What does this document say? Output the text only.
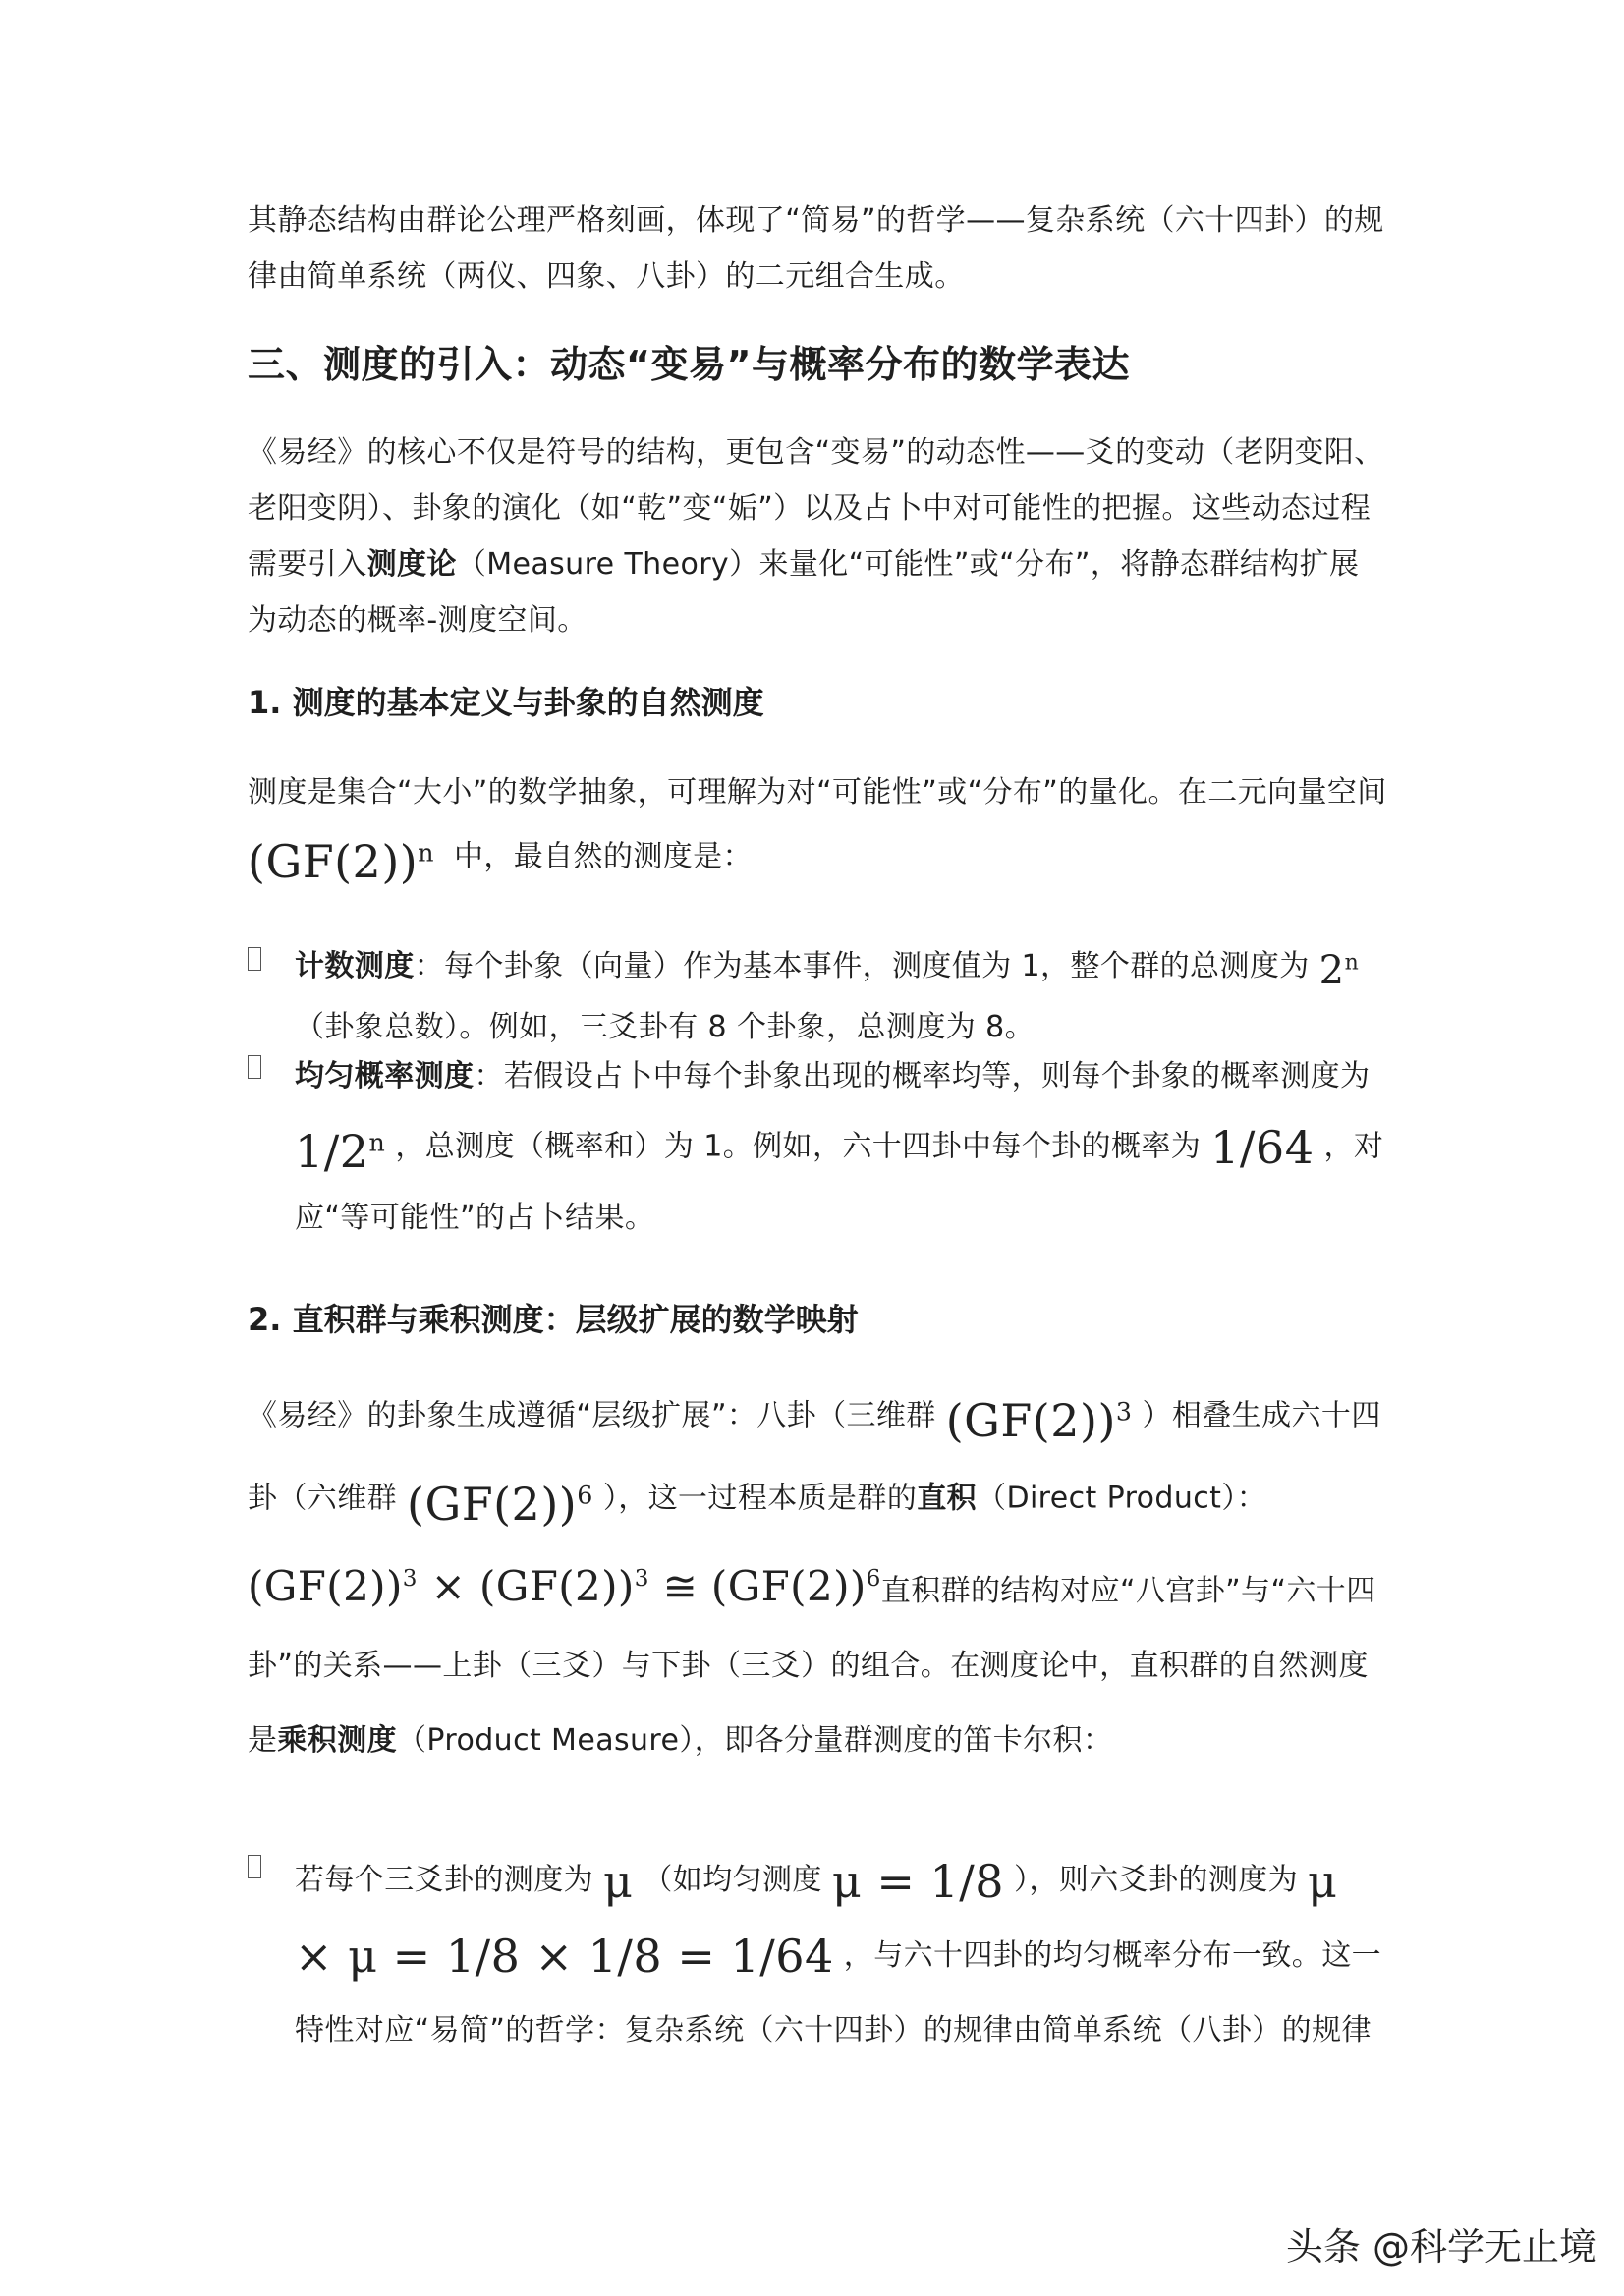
其静态结构由群论公理严格刻画，体现了“简易”的哲学——复杂系统（六十四卦）的规律由简单系统（两仪、四象、八卦）的二元组合生成。

三、测度的引入：动态“变易”与概率分布的数学表达

《易经》的核心不仅是符号的结构，更包含“变易”的动态性——爻的变动（老阴变阳、老阳变阴）、卦象的演化（如“乾”变“姤”）以及占卜中对可能性的把握。这些动态过程需要引入测度论（Measure Theory）来量化“可能性”或“分布”，将静态群结构扩展为动态的概率-测度空间。

1. 测度的基本定义与卦象的自然测度

测度是集合“大小”的数学抽象，可理解为对“可能性”或“分布”的量化。在二元向量空间
$(GF(2))^n$ 中，最自然的测度是：

计数测度：每个卦象（向量）作为基本事件，测度值为 1，整个群的总测度为 2$^n$（卦象总数）。例如，三爻卦有 8 个卦象，总测度为 8。
均匀概率测度：若假设占卜中每个卦象出现的概率均等，则每个卦象的概率测度为1/2$^n$ ，总测度（概率和）为 1。例如，六十四卦中每个卦的概率为 1/64 ，对应“等可能性”的占卜结果。
2. 直积群与乘积测度：层级扩展的数学映射

《易经》的卦象生成遵循“层级扩展”：八卦（三维群 $(GF(2))^3$ ）相叠生成六十四卦（六维群 $(GF(2))^6$ ），这一过程本质是群的直积（Direct Product）： $(GF(2))^3 \times (GF(2))^3$ ≅ $(GF(2))^6$直积群的结构对应“八宫卦”与“六十四卦”的关系——上卦（三爻）与下卦（三爻）的组合。在测度论中，直积群的自然测度是乘积测度（Product Measure），即各分量群测度的笛卡尔积：

若每个三爻卦的测度为 μ （如均匀测度 μ = 1/8 ），则六爻卦的测度为 μ × μ = 1/8 × 1/8 = 1/64 ，与六十四卦的均匀概率分布一致。这一特性对应“易简”的哲学：复杂系统（六十四卦）的规律由简单系统（八卦）的规律
头条 @科学无止境
